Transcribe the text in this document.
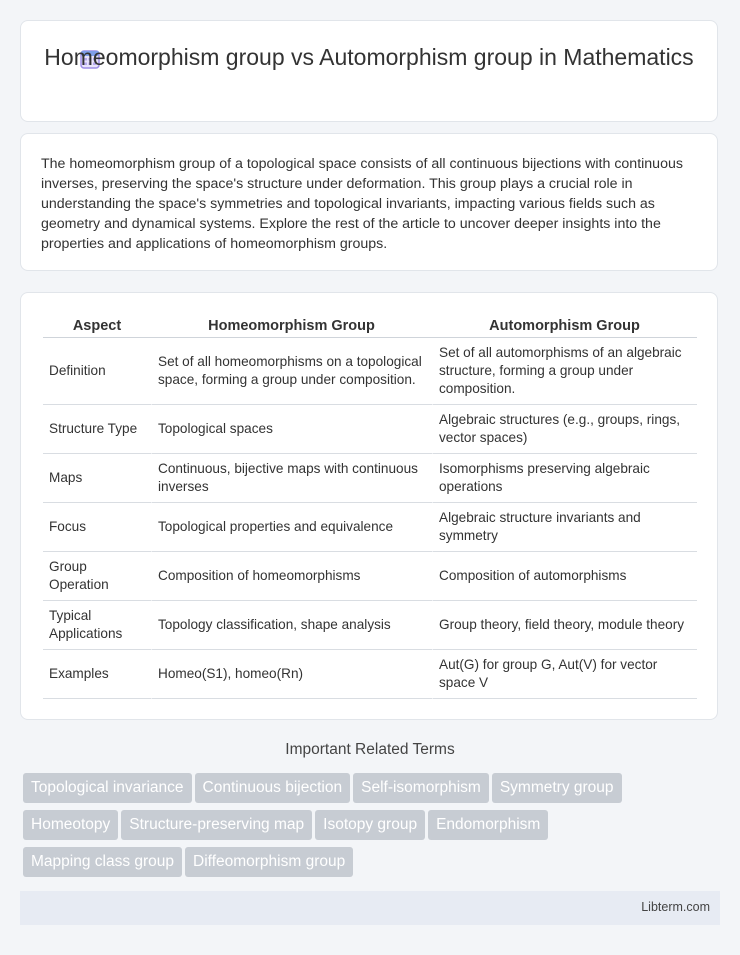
Homeomorphism group vs Automorphism group in Mathematics

The homeomorphism group of a topological space consists of all continuous bijections with continuous inverses, preserving the space's structure under deformation. This group plays a crucial role in understanding the space's symmetries and topological invariants, impacting various fields such as geometry and dynamical systems. Explore the rest of the article to uncover deeper insights into the properties and applications of homeomorphism groups.

Aspect	Homeomorphism Group	Automorphism Group
Definition	Set of all homeomorphisms on a topological space, forming a group under composition.	Set of all automorphisms of an algebraic structure, forming a group under composition.
Structure Type	Topological spaces	Algebraic structures (e.g., groups, rings, vector spaces)
Maps	Continuous, bijective maps with continuous inverses	Isomorphisms preserving algebraic operations
Focus	Topological properties and equivalence	Algebraic structure invariants and symmetry
Group Operation	Composition of homeomorphisms	Composition of automorphisms
Typical Applications	Topology classification, shape analysis	Group theory, field theory, module theory
Examples	Homeo(S1), homeo(Rn)	Aut(G) for group G, Aut(V) for vector space V
Important Related Terms
Topological invariance Continuous bijection Self-isomorphism Symmetry group
Homeotopy Structure-preserving map Isotopy group Endomorphism
Mapping class group Diffeomorphism group
Libterm.com
